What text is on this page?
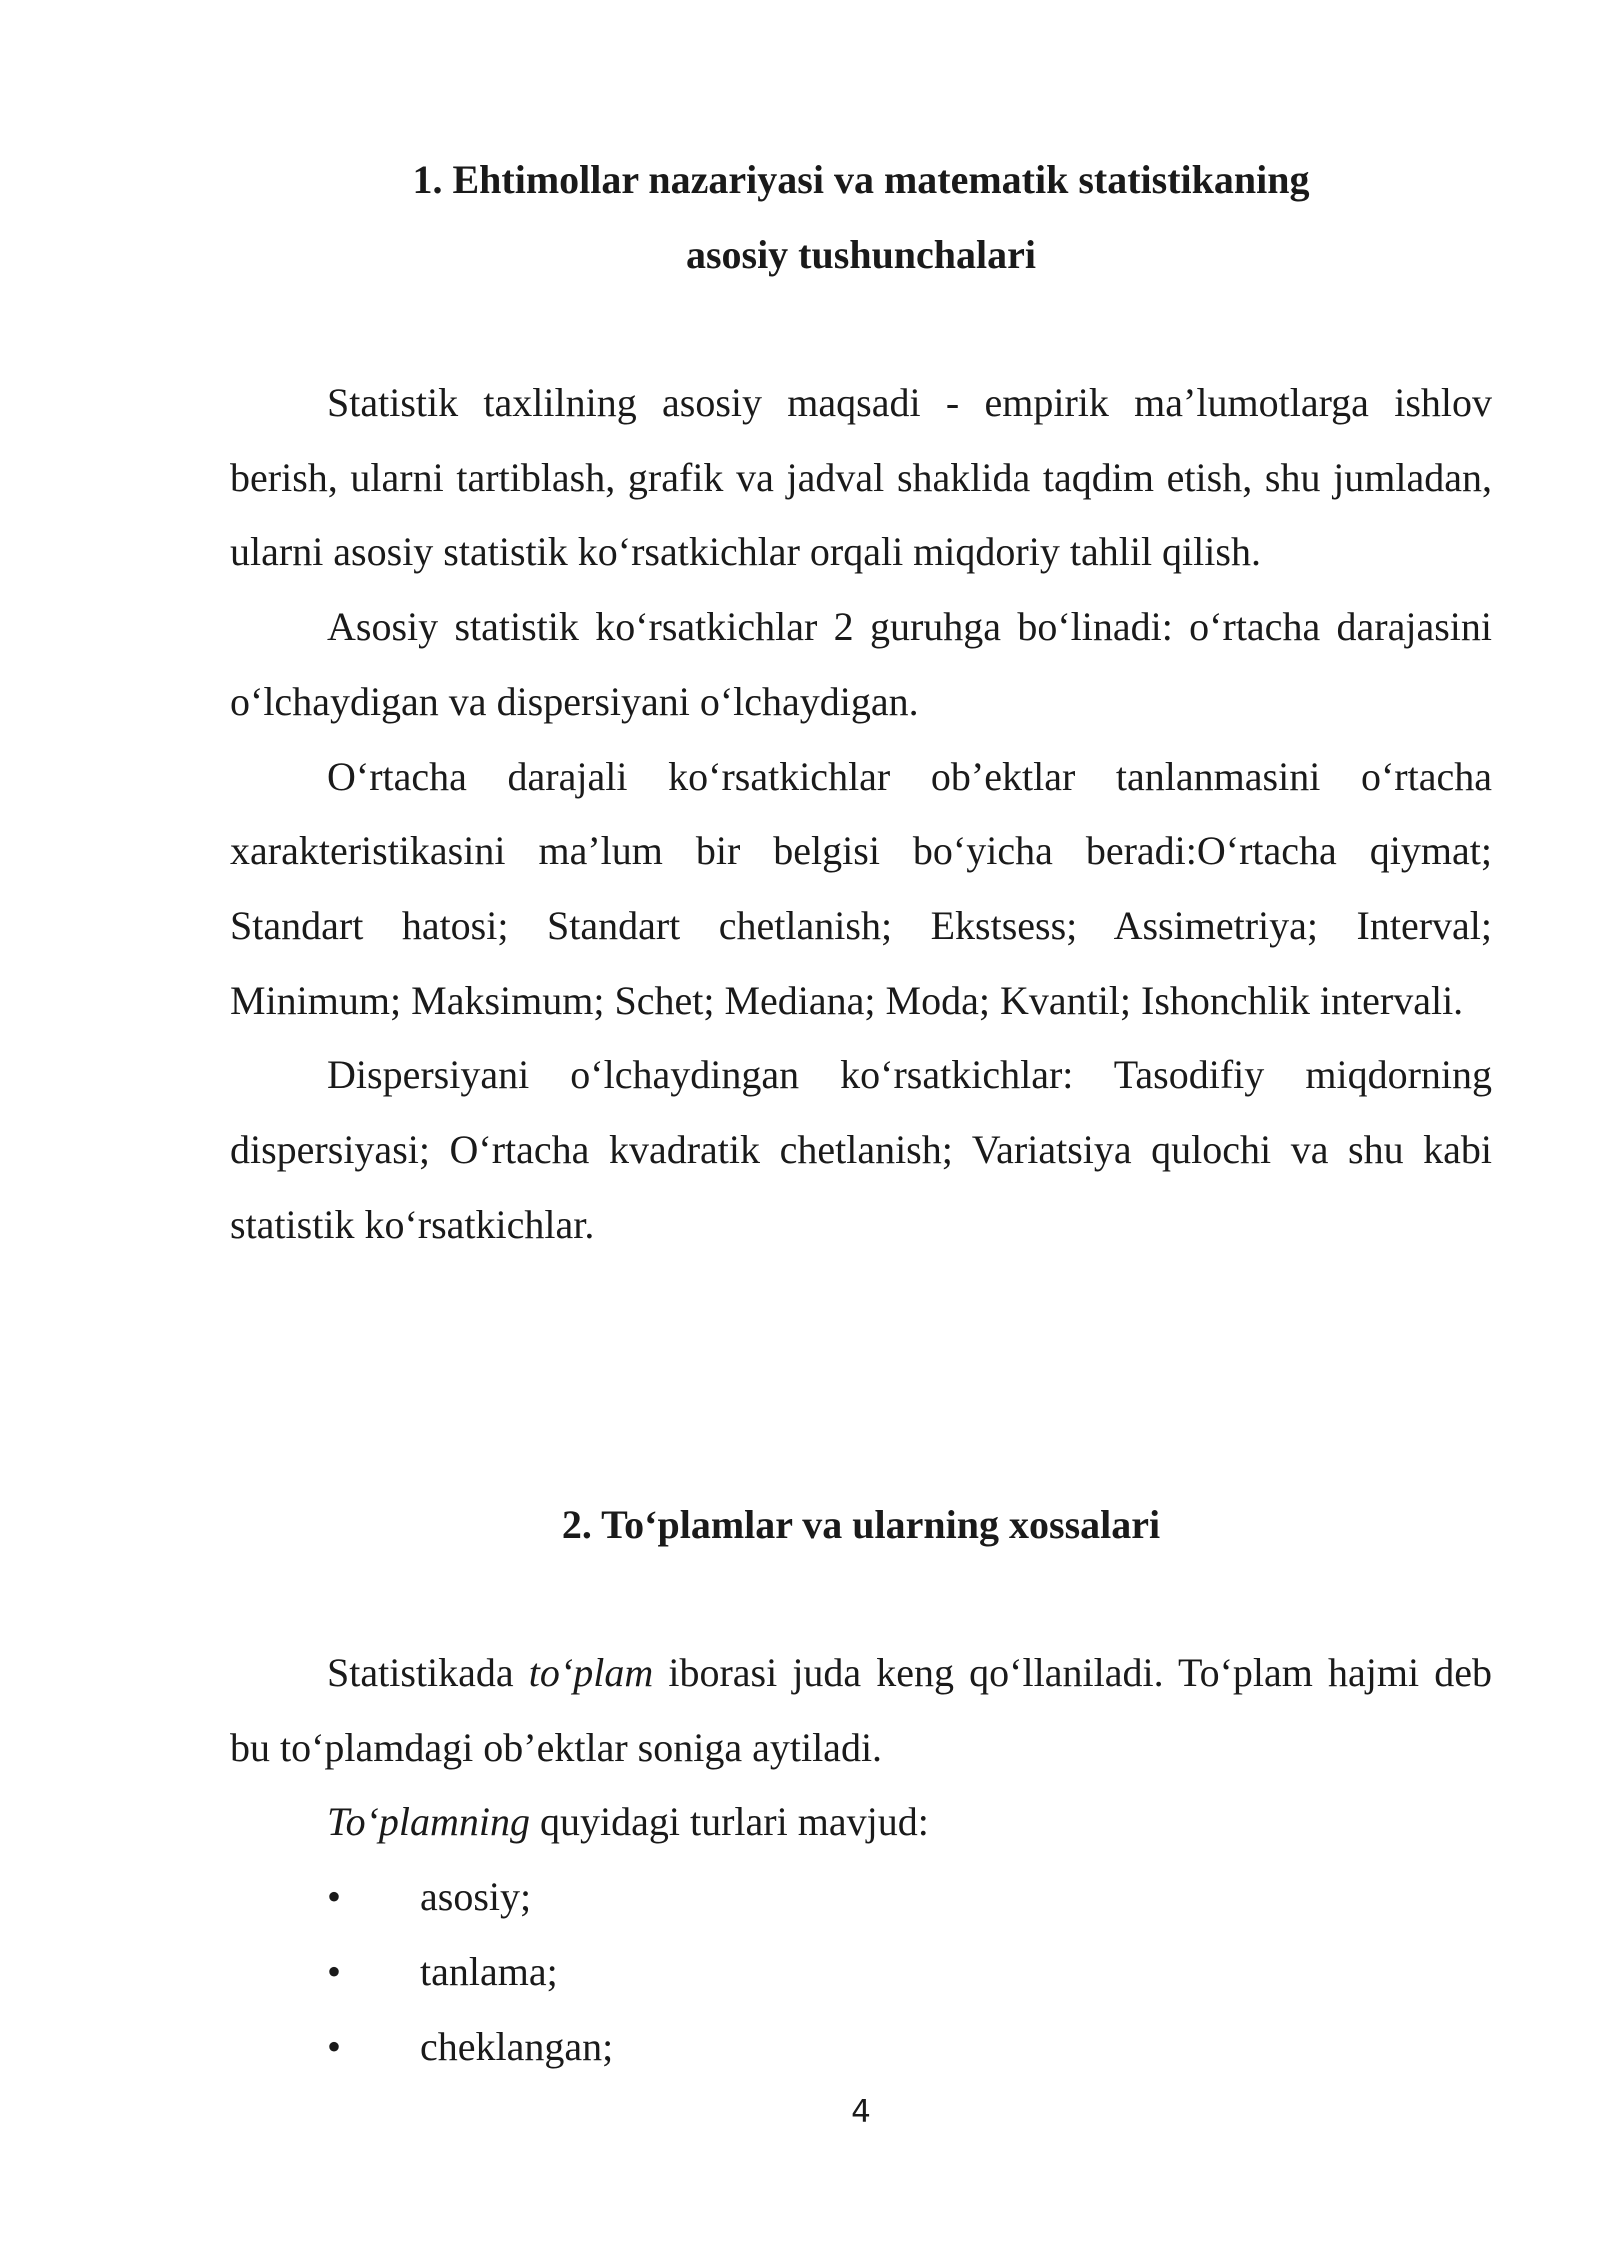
1. Ehtimollar nazariyasi va matematik statistikaning

asosiy tushunchalari

Statistik taxlilning asosiy maqsadi - empirik ma’lumotlarga ishlov berish, ularni tartiblash, grafik va jadval shaklida taqdim etish, shu jumladan, ularni asosiy statistik ko‘rsatkichlar orqali miqdoriy tahlil qilish.

Asosiy statistik ko‘rsatkichlar 2 guruhga bo‘linadi: o‘rtacha darajasini o‘lchaydigan va dispersiyani o‘lchaydigan.

O‘rtacha darajali ko‘rsatkichlar ob’ektlar tanlanmasini o‘rtacha xarakteristikasini ma’lum bir belgisi bo‘yicha beradi:O‘rtacha qiymat; Standart hatosi; Standart chetlanish; Ekstsess; Assimetriya; Interval; Minimum; Maksimum; Schet; Mediana; Moda; Kvantil; Ishonchlik intervali.

Dispersiyani o‘lchaydingan ko‘rsatkichlar: Tasodifiy miqdorning dispersiyasi; O‘rtacha kvadratik chetlanish; Variatsiya qulochi va shu kabi statistik ko‘rsatkichlar.

2. To‘plamlar va ularning xossalari

Statistikada to‘plam iborasi juda keng qo‘llaniladi. To‘plam hajmi deb bu to‘plamdagi ob’ektlar soniga aytiladi.

To‘plamning quyidagi turlari mavjud:

• asosiy;
• tanlama;
• cheklangan;
4
